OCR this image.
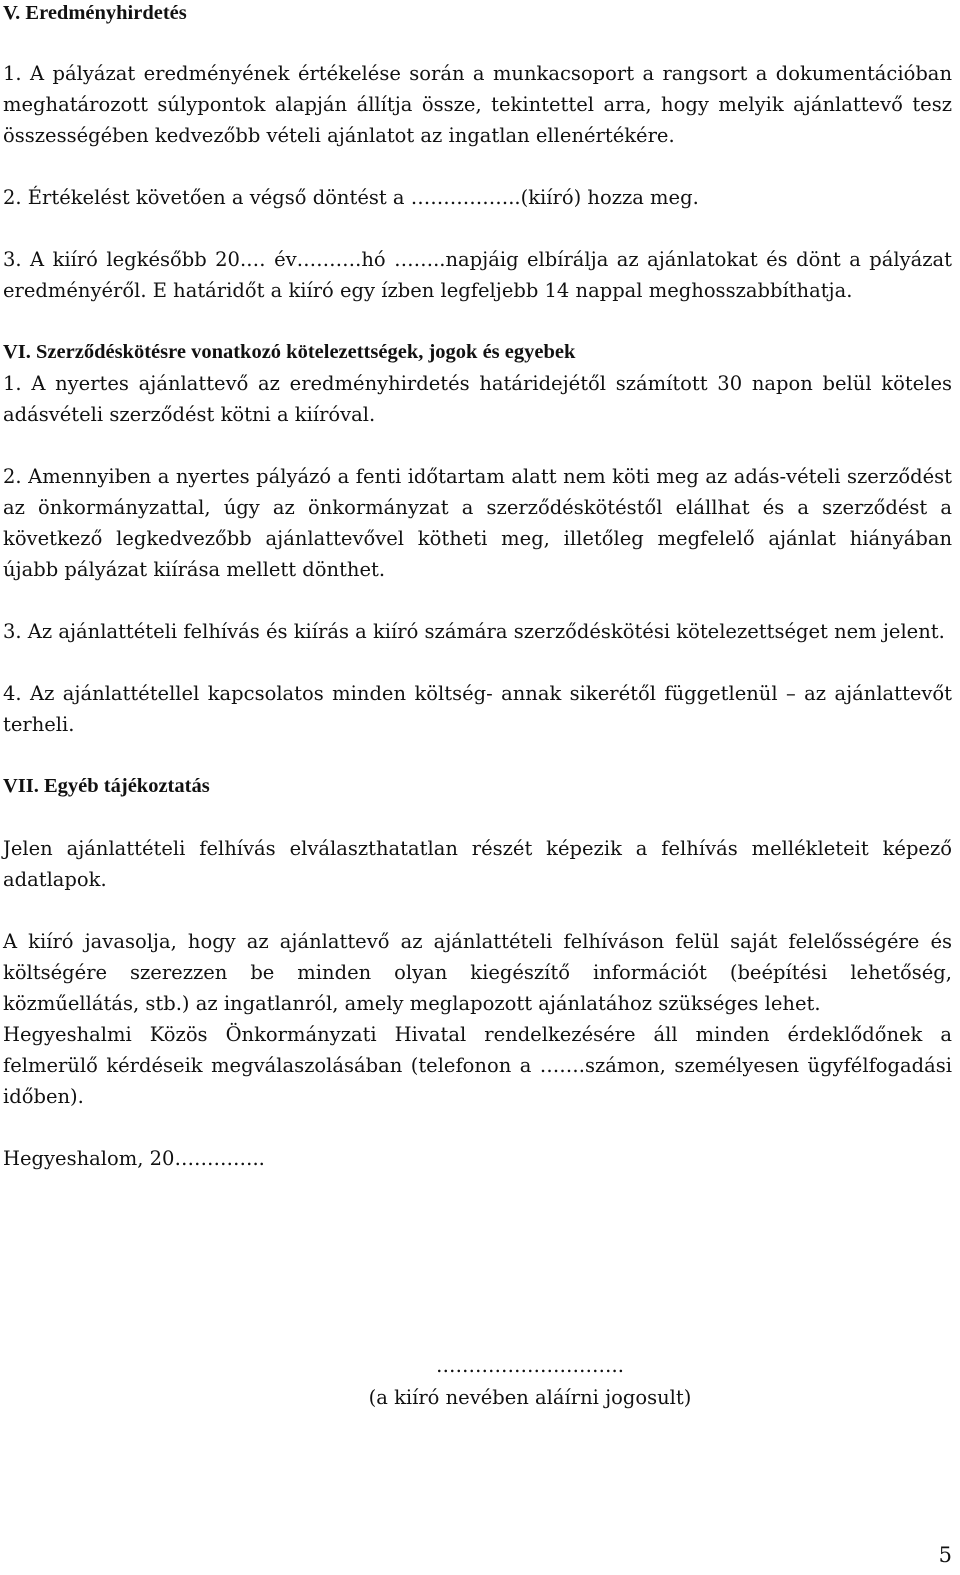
V. Eredményhirdetés

1. A pályázat eredményének értékelése során a munkacsoport a rangsort a dokumentációban meghatározott súlypontok alapján állítja össze, tekintettel arra, hogy melyik ajánlattevő tesz összességében kedvezőbb vételi ajánlatot az ingatlan ellenértékére.

2. Értékelést követően a végső döntést a ……………..(kiíró) hozza meg.

3. A kiíró legkésőbb 20.… év……….hó ……..napjáig elbírálja az ajánlatokat és dönt a pályázat eredményéről. E határidőt a kiíró egy ízben legfeljebb 14 nappal meghosszabbíthatja.

VI. Szerződéskötésre vonatkozó kötelezettségek, jogok és egyebek

1. A nyertes ajánlattevő az eredményhirdetés határidejétől számított 30 napon belül köteles adásvételi szerződést kötni a kiíróval.

2. Amennyiben a nyertes pályázó a fenti időtartam alatt nem köti meg az adás-vételi szerződést az önkormányzattal, úgy az önkormányzat a szerződéskötéstől elállhat és a szerződést a következő legkedvezőbb ajánlattevővel kötheti meg, illetőleg megfelelő ajánlat hiányában újabb pályázat kiírása mellett dönthet.

3. Az ajánlattételi felhívás és kiírás a kiíró számára szerződéskötési kötelezettséget nem jelent.

4. Az ajánlattétellel kapcsolatos minden költség- annak sikerétől függetlenül – az ajánlattevőt terheli.

VII. Egyéb tájékoztatás

Jelen ajánlattételi felhívás elválaszthatatlan részét képezik a felhívás mellékleteit képező adatlapok.

A kiíró javasolja, hogy az ajánlattevő az ajánlattételi felhíváson felül saját felelősségére és költségére szerezzen be minden olyan kiegészítő információt (beépítési lehetőség, közműellátás, stb.) az ingatlanról, amely meglapozott ajánlatához szükséges lehet.

Hegyeshalmi Közös Önkormányzati Hivatal rendelkezésére áll minden érdeklődőnek a felmerülő kérdéseik megválaszolásában (telefonon a …….számon, személyesen ügyfélfogadási időben).

Hegyeshalom, 20…………..

………………………..
(a kiíró nevében aláírni jogosult)
5
